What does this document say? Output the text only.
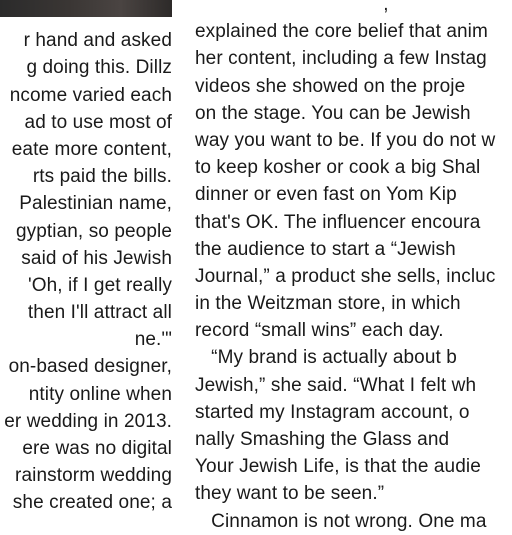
r hand and asked
g doing this. Dillz
ncome varied each
ad to use most of
eate more content,
rts paid the bills.
Palestinian name,
gyptian, so people
said of his Jewish
'Oh, if I get really
then I'll attract all
ne.'"
on-based designer,
ntity online when
er wedding in 2013.
ere was no digital
rainstorm wedding
she created one; a
,
explained the core belief that anim
her content, including a few Instag
videos she showed on the proje
on the stage. You can be Jewish
way you want to be. If you do not w
to keep kosher or cook a big Shal
dinner or even fast on Yom Kip
that's OK. The influencer encoura
the audience to start a “Jewish
Journal,” a product she sells, incluc
in the Weitzman store, in which
record “small wins” each day.
“My brand is actually about b
Jewish,” she said. “What I felt wh
started my Instagram account, o
nally Smashing the Glass and
Your Jewish Life, is that the audie
they want to be seen.”
Cinnamon is not wrong. One ma
